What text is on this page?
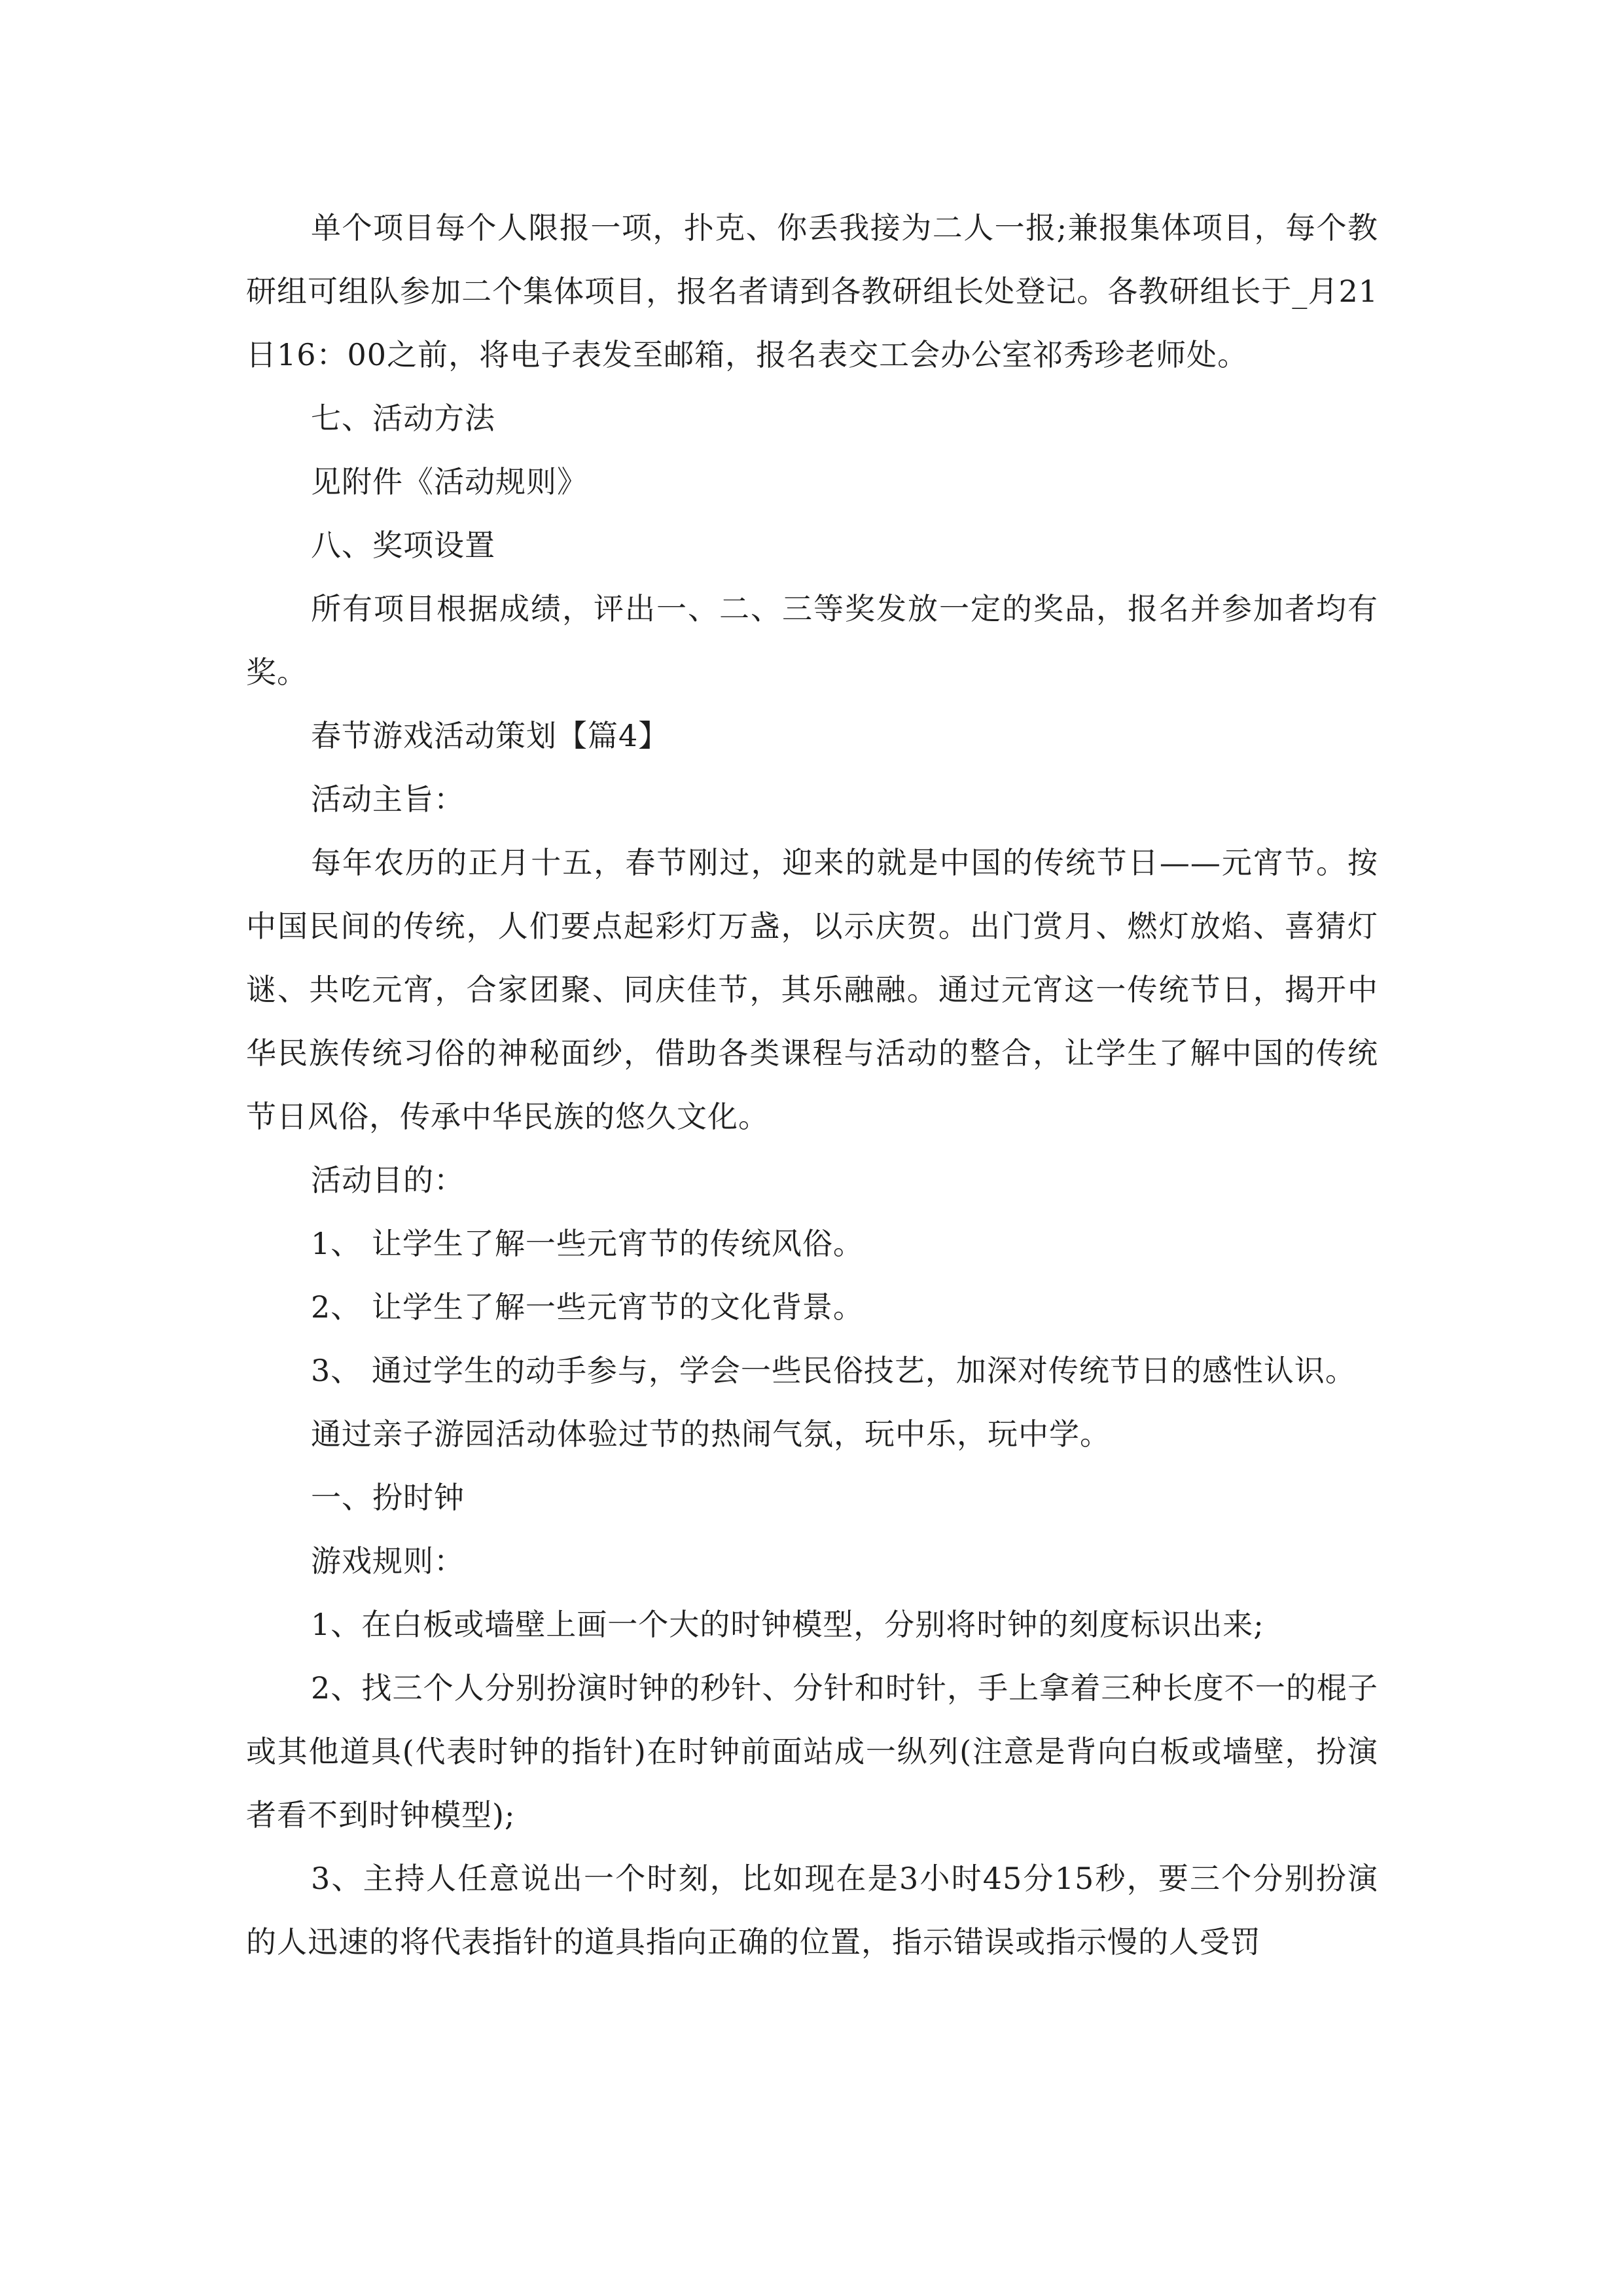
单个项目每个人限报一项，扑克、你丢我接为二人一报;兼报集体项目，每个教研组可组队参加二个集体项目，报名者请到各教研组长处登记。各教研组长于_月21日16：00之前，将电子表发至邮箱，报名表交工会办公室祁秀珍老师处。

七、活动方法

见附件《活动规则》

八、奖项设置

所有项目根据成绩，评出一、二、三等奖发放一定的奖品，报名并参加者均有奖。

春节游戏活动策划【篇4】

活动主旨：

每年农历的正月十五，春节刚过，迎来的就是中国的传统节日——元宵节。按中国民间的传统，人们要点起彩灯万盏，以示庆贺。出门赏月、燃灯放焰、喜猜灯谜、共吃元宵，合家团聚、同庆佳节，其乐融融。通过元宵这一传统节日，揭开中华民族传统习俗的神秘面纱，借助各类课程与活动的整合，让学生了解中国的传统节日风俗，传承中华民族的悠久文化。

活动目的：

1、 让学生了解一些元宵节的传统风俗。

2、 让学生了解一些元宵节的文化背景。

3、 通过学生的动手参与，学会一些民俗技艺，加深对传统节日的感性认识。

通过亲子游园活动体验过节的热闹气氛，玩中乐，玩中学。

一、扮时钟

游戏规则：

1、在白板或墙壁上画一个大的时钟模型，分别将时钟的刻度标识出来;

2、找三个人分别扮演时钟的秒针、分针和时针，手上拿着三种长度不一的棍子或其他道具(代表时钟的指针)在时钟前面站成一纵列(注意是背向白板或墙壁，扮演者看不到时钟模型);

3、主持人任意说出一个时刻，比如现在是3小时45分15秒，要三个分别扮演的人迅速的将代表指针的道具指向正确的位置，指示错误或指示慢的人受罚
